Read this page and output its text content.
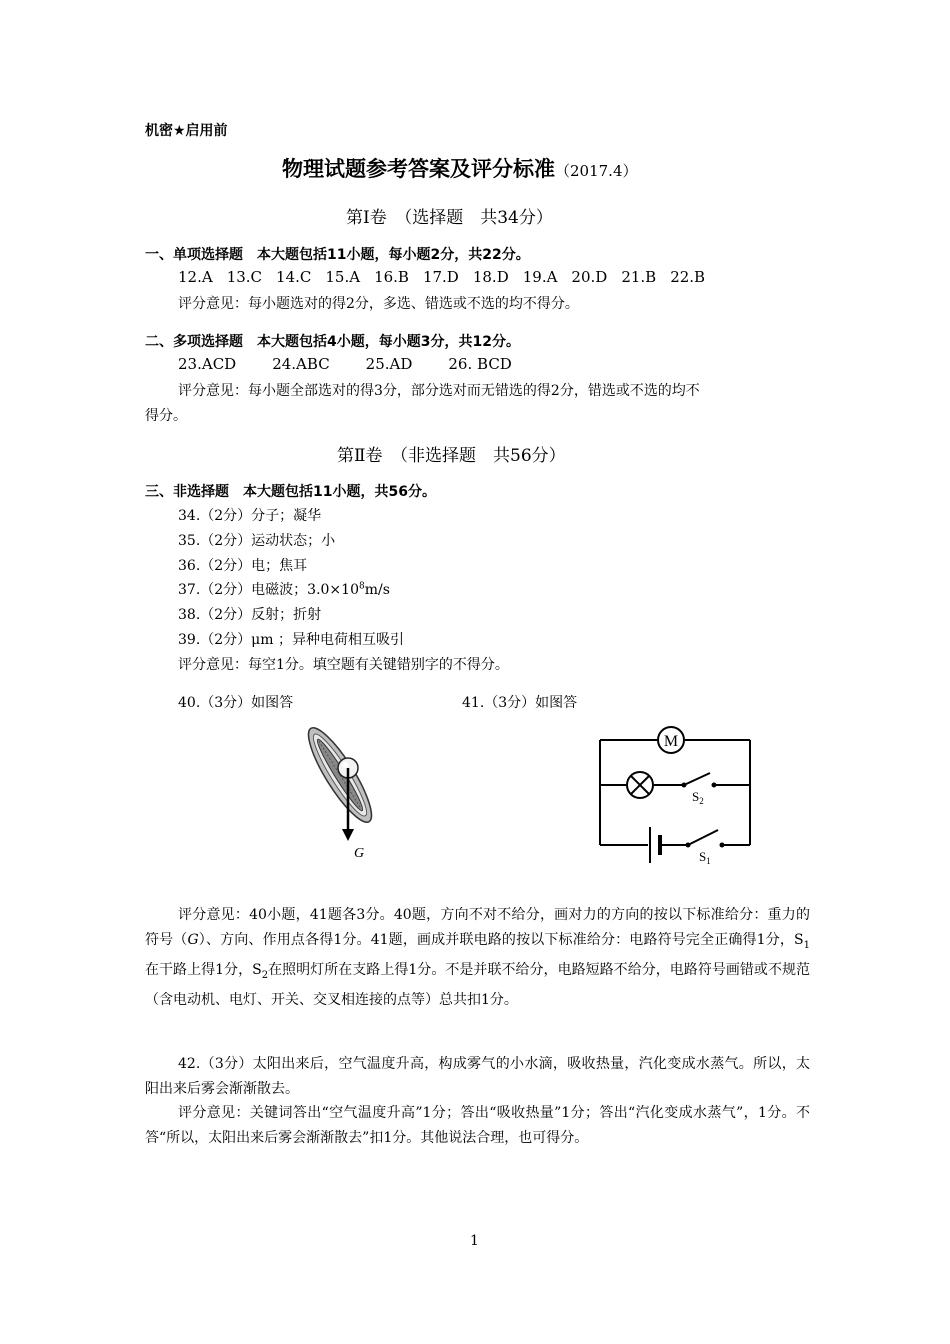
机密★启用前
物理试题参考答案及评分标准（2017.4）
第Ⅰ卷　（选择题　共34分）
一、单项选择题　本大题包括11小题，每小题2分，共22分。
12.A 13.C 14.C 15.A 16.B 17.D 18.D 19.A 20.D 21.B 22.B
评分意见：每小题选对的得2分，多选、错选或不选的均不得分。
二、多项选择题　本大题包括4小题，每小题3分，共12分。
23.ACD 24.ABC 25.AD 26. BCD
评分意见：每小题全部选对的得3分，部分选对而无错选的得2分，错选或不选的均不
得分。
第Ⅱ卷　（非选择题　共56分）
三、非选择题　本大题包括11小题，共56分。
34.（2分）分子；凝华
35.（2分）运动状态；小
36.（2分）电；焦耳
37.（2分）电磁波；$3.0\times 10^8m/s$
38.（2分）反射；折射
39.（2分）μm ；异种电荷相互吸引
评分意见：每空1分。填空题有关键错别字的不得分。
40.（3分）如图答	41.（3分）如图答
G
M
$S_2$
$S_1$
评分意见：40小题，41题各3分。40题，方向不对不给分，画对力的方向的按以下标准给分：重力的符号（G）、方向、作用点各得1分。41题，画成并联电路的按以下标准给分：电路符号完全正确得1分，$S_1$在干路上得1分，$S_2$在照明灯所在支路上得1分。不是并联不给分，电路短路不给分，电路符号画错或不规范（含电动机、电灯、开关、交叉相连接的点等）总共扣1分。
42.（3分）太阳出来后，空气温度升高，构成雾气的小水滴，吸收热量，汽化变成水蒸气。所以，太阳出来后雾会渐渐散去。
评分意见：关键词答出“空气温度升高”1分；答出“吸收热量”1分；答出“汽化变成水蒸气”，1分。不答“所以，太阳出来后雾会渐渐散去”扣1分。其他说法合理，也可得分。
1
